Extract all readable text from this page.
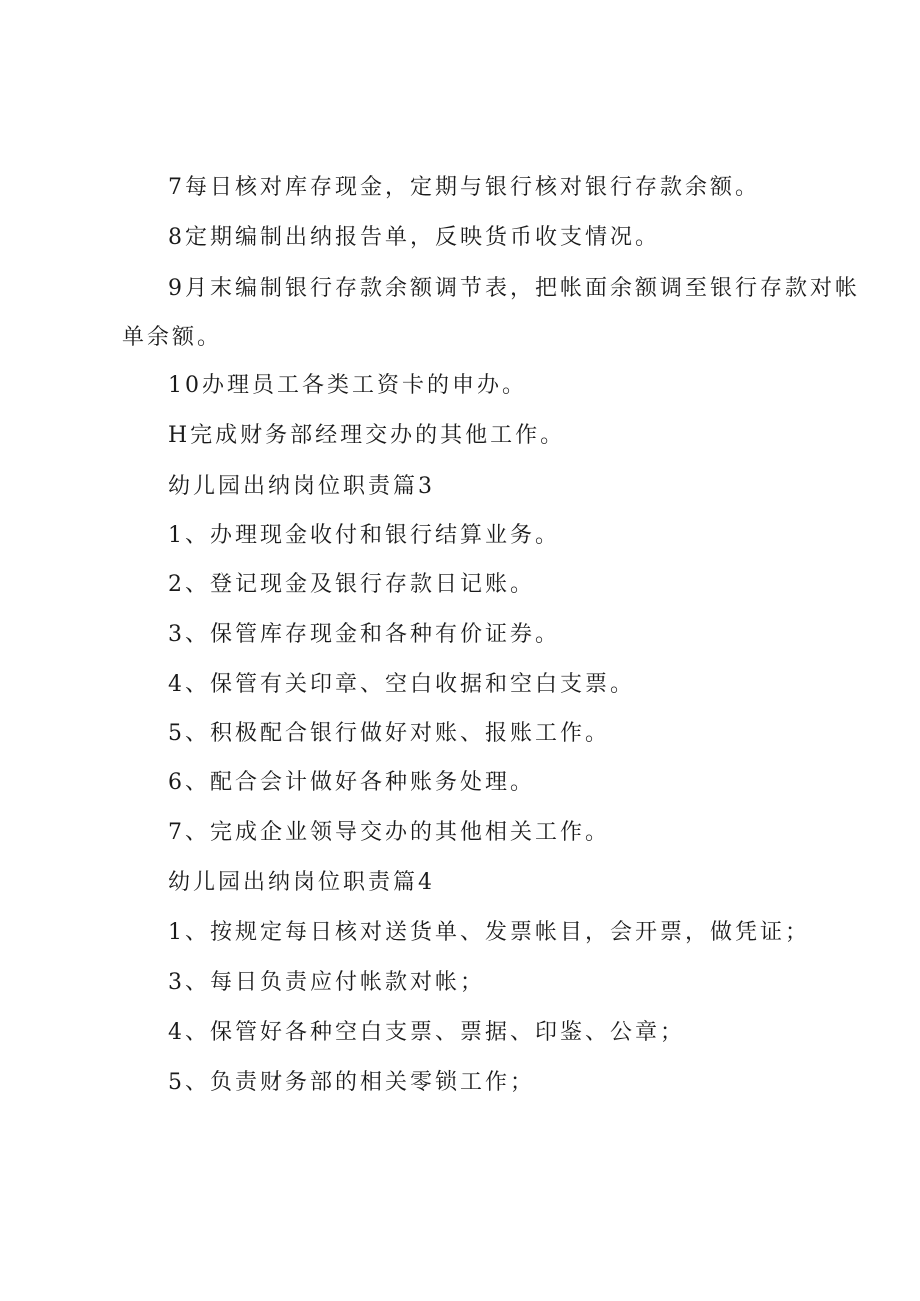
7每日核对库存现金，定期与银行核对银行存款余额。

8定期编制出纳报告单，反映货币收支情况。

9月末编制银行存款余额调节表，把帐面余额调至银行存款对帐

单余额。

10办理员工各类工资卡的申办。

H完成财务部经理交办的其他工作。

幼儿园出纳岗位职责篇3

1、办理现金收付和银行结算业务。

2、登记现金及银行存款日记账。

3、保管库存现金和各种有价证券。

4、保管有关印章、空白收据和空白支票。

5、积极配合银行做好对账、报账工作。

6、配合会计做好各种账务处理。

7、完成企业领导交办的其他相关工作。

幼儿园出纳岗位职责篇4

1、按规定每日核对送货单、发票帐目，会开票，做凭证；

3、每日负责应付帐款对帐；

4、保管好各种空白支票、票据、印鉴、公章；

5、负责财务部的相关零锁工作；
